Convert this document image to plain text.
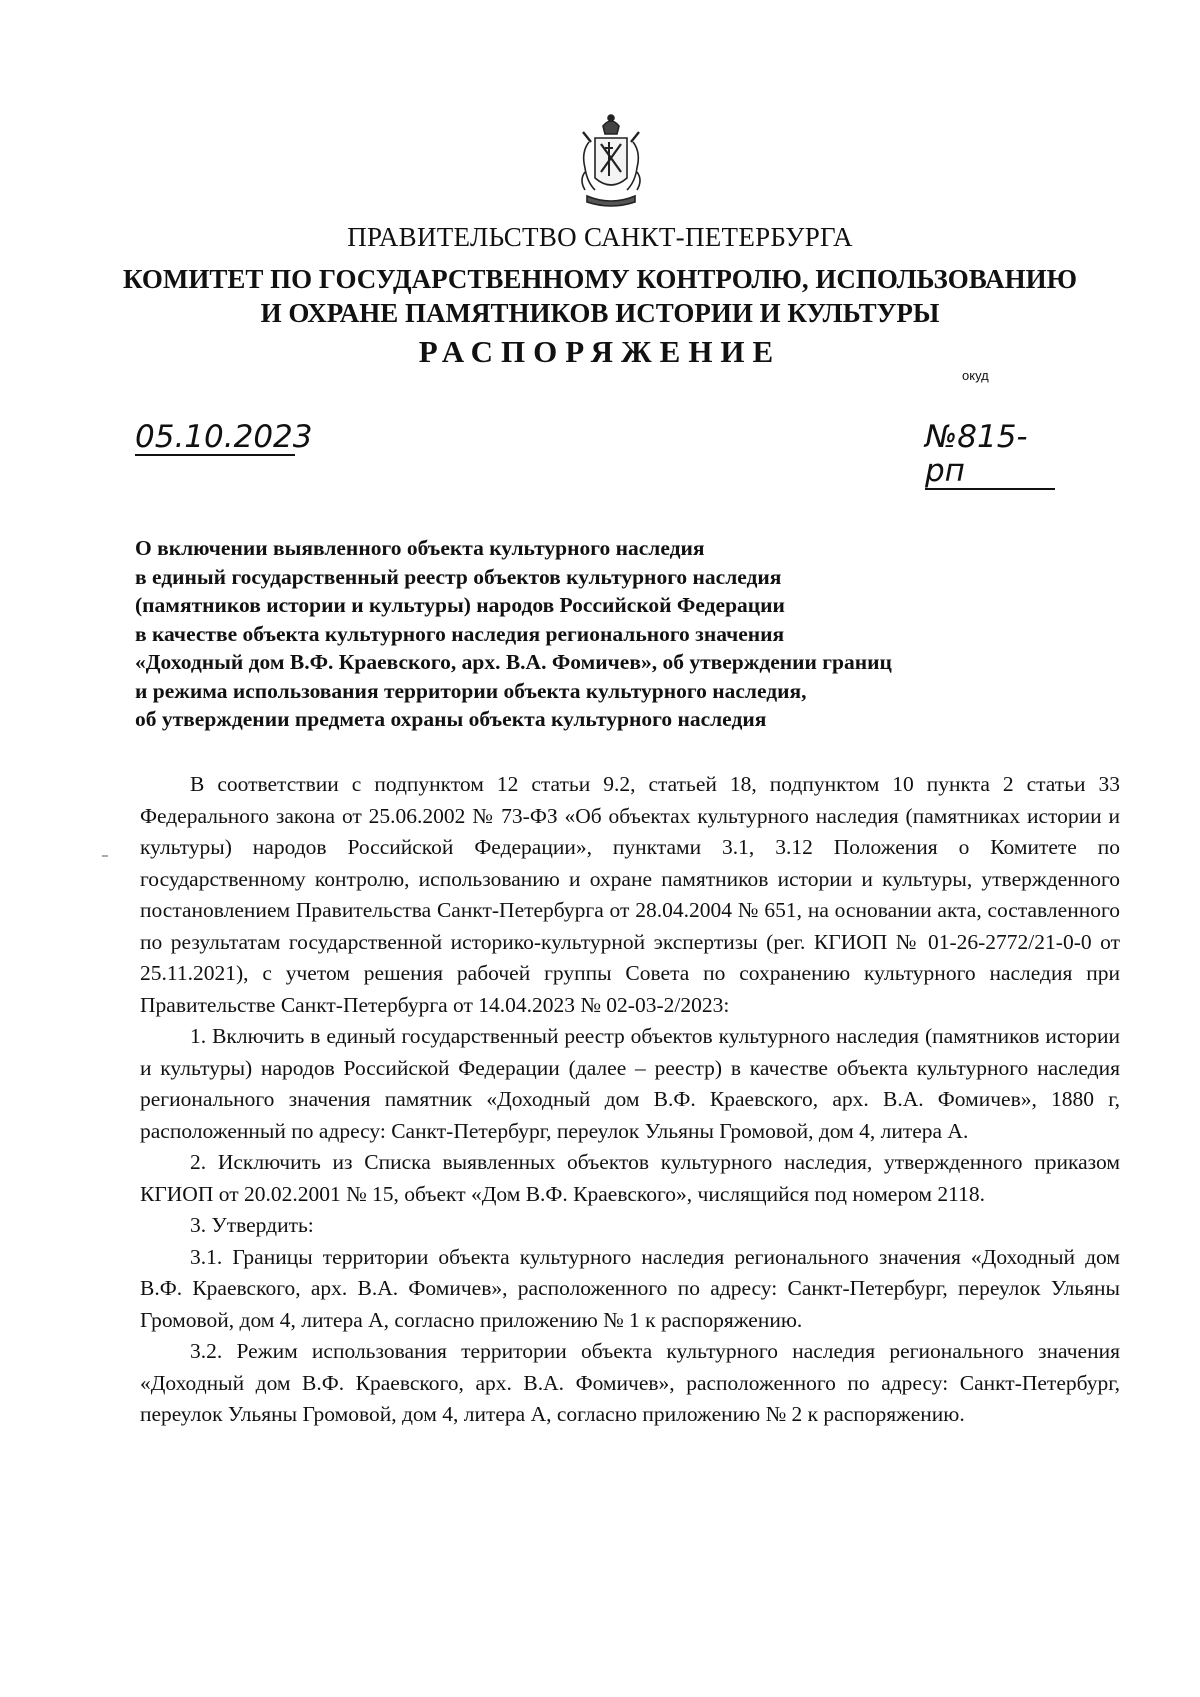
ПРАВИТЕЛЬСТВО САНКТ-ПЕТЕРБУРГА
КОМИТЕТ ПО ГОСУДАРСТВЕННОМУ КОНТРОЛЮ, ИСПОЛЬЗОВАНИЮ
И ОХРАНЕ ПАМЯТНИКОВ ИСТОРИИ И КУЛЬТУРЫ
РАСПОРЯЖЕНИЕ
окуд
05.10.2023	№815-рп
О включении выявленного объекта культурного наследия
в единый государственный реестр объектов культурного наследия
(памятников истории и культуры) народов Российской Федерации
в качестве объекта культурного наследия регионального значения
«Доходный дом В.Ф. Краевского, арх. В.А. Фомичев», об утверждении границ
и режима использования территории объекта культурного наследия,
об утверждении предмета охраны объекта культурного наследия

В соответствии с подпунктом 12 статьи 9.2, статьей 18, подпунктом 10 пункта 2 статьи 33 Федерального закона от 25.06.2002 № 73-ФЗ «Об объектах культурного наследия (памятниках истории и культуры) народов Российской Федерации», пунктами 3.1, 3.12 Положения о Комитете по государственному контролю, использованию и охране памятников истории и культуры, утвержденного постановлением Правительства Санкт-Петербурга от 28.04.2004 № 651, на основании акта, составленного по результатам государственной историко-культурной экспертизы (рег. КГИОП № 01-26-2772/21-0-0 от 25.11.2021), с учетом решения рабочей группы Совета по сохранению культурного наследия при Правительстве Санкт-Петербурга от 14.04.2023 № 02-03-2/2023:

1. Включить в единый государственный реестр объектов культурного наследия (памятников истории и культуры) народов Российской Федерации (далее – реестр) в качестве объекта культурного наследия регионального значения памятник «Доходный дом В.Ф. Краевского, арх. В.А. Фомичев», 1880 г, расположенный по адресу: Санкт-Петербург, переулок Ульяны Громовой, дом 4, литера А.

2. Исключить из Списка выявленных объектов культурного наследия, утвержденного приказом КГИОП от 20.02.2001 № 15, объект «Дом В.Ф. Краевского», числящийся под номером 2118.

3. Утвердить:

3.1. Границы территории объекта культурного наследия регионального значения «Доходный дом В.Ф. Краевского, арх. В.А. Фомичев», расположенного по адресу: Санкт-Петербург, переулок Ульяны Громовой, дом 4, литера А, согласно приложению № 1 к распоряжению.

3.2. Режим использования территории объекта культурного наследия регионального значения «Доходный дом В.Ф. Краевского, арх. В.А. Фомичев», расположенного по адресу: Санкт-Петербург, переулок Ульяны Громовой, дом 4, литера А, согласно приложению № 2 к распоряжению.
